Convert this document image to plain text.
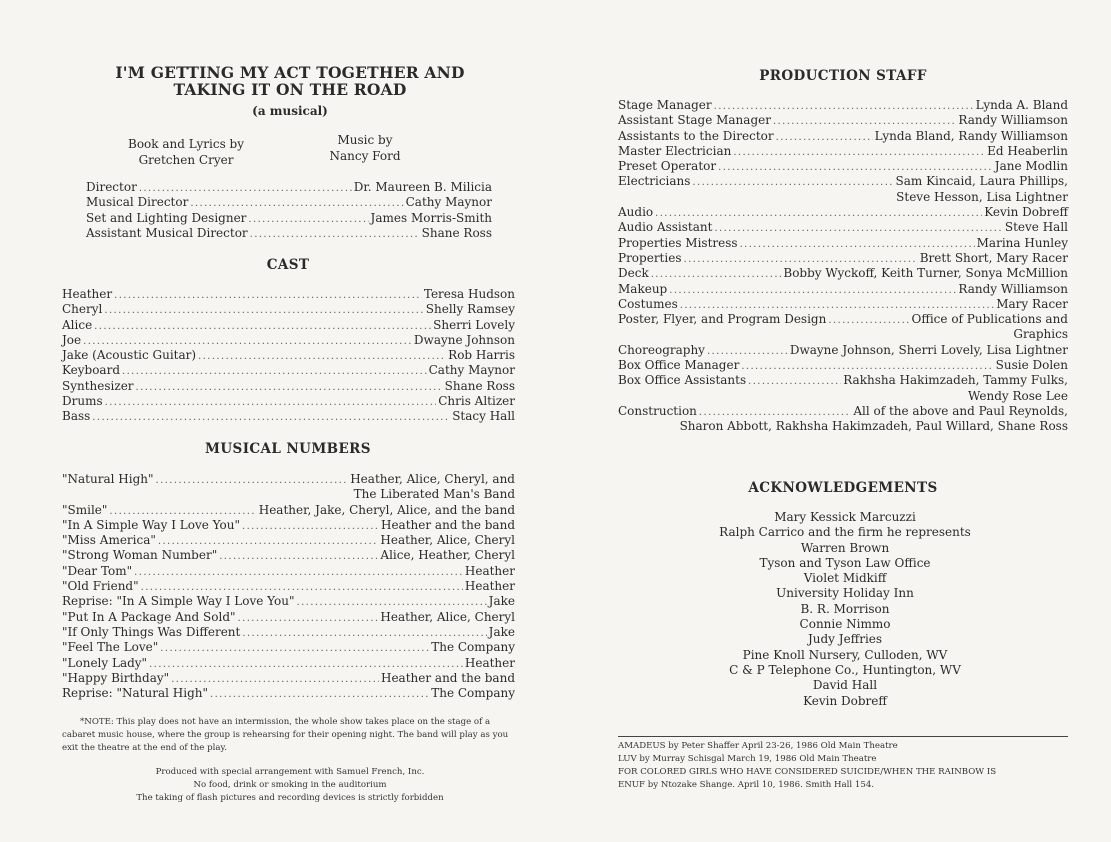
I'M GETTING MY ACT TOGETHER AND
TAKING IT ON THE ROAD
(a musical)
Book and Lyrics by
Gretchen Cryer
Music by
Nancy Ford
Director .....	Dr. Maureen B. Milicia
Musical Director .....	Cathy Maynor
Set and Lighting Designer .....	James Morris-Smith
Assistant Musical Director .....	Shane Ross
CAST
Heather .....	Teresa Hudson
Cheryl .....	Shelly Ramsey
Alice .....	Sherri Lovely
Joe .....	Dwayne Johnson
Jake (Acoustic Guitar) .....	Rob Harris
Keyboard .....	Cathy Maynor
Synthesizer .....	Shane Ross
Drums .....	Chris Altizer
Bass .....	Stacy Hall
MUSICAL NUMBERS
"Natural High" .....	Heather, Alice, Cheryl, and
The Liberated Man's Band
"Smile" .....	Heather, Jake, Cheryl, Alice, and the band
"In A Simple Way I Love You" .....	Heather and the band
"Miss America" .....	Heather, Alice, Cheryl
"Strong Woman Number" .....	Alice, Heather, Cheryl
"Dear Tom" .....	Heather
"Old Friend" .....	Heather
Reprise: "In A Simple Way I Love You" .....	Jake
"Put In A Package And Sold" .....	Heather, Alice, Cheryl
"If Only Things Was Different .....	Jake
"Feel The Love" .....	The Company
"Lonely Lady" .....	Heather
"Happy Birthday" .....	Heather and the band
Reprise: "Natural High" .....	The Company
*NOTE: This play does not have an intermission, the whole show takes place on the stage of a cabaret music house, where the group is rehearsing for their opening night. The band will play as you exit the theatre at the end of the play.
Produced with special arrangement with Samuel French, Inc.
No food, drink or smoking in the auditorium
The taking of flash pictures and recording devices is strictly forbidden
PRODUCTION STAFF
Stage Manager .....	Lynda A. Bland
Assistant Stage Manager .....	Randy Williamson
Assistants to the Director .....	Lynda Bland, Randy Williamson
Master Electrician .....	Ed Heaberlin
Preset Operator .....	Jane Modlin
Electricians .....	Sam Kincaid, Laura Phillips,
Steve Hesson, Lisa Lightner
Audio .....	Kevin Dobreff
Audio Assistant .....	Steve Hall
Properties Mistress .....	Marina Hunley
Properties .....	Brett Short, Mary Racer
Deck .....	Bobby Wyckoff, Keith Turner, Sonya McMillion
Makeup .....	Randy Williamson
Costumes .....	Mary Racer
Poster, Flyer, and Program Design .....	Office of Publications and
Graphics
Choreography .....	Dwayne Johnson, Sherri Lovely, Lisa Lightner
Box Office Manager .....	Susie Dolen
Box Office Assistants .....	Rakhsha Hakimzadeh, Tammy Fulks,
Wendy Rose Lee
Construction .....	All of the above and Paul Reynolds,
Sharon Abbott, Rakhsha Hakimzadeh, Paul Willard, Shane Ross
ACKNOWLEDGEMENTS
Mary Kessick Marcuzzi
Ralph Carrico and the firm he represents
Warren Brown
Tyson and Tyson Law Office
Violet Midkiff
University Holiday Inn
B. R. Morrison
Connie Nimmo
Judy Jeffries
Pine Knoll Nursery, Culloden, WV
C & P Telephone Co., Huntington, WV
David Hall
Kevin Dobreff
AMADEUS by Peter Shaffer April 23-26, 1986 Old Main Theatre
LUV by Murray Schisgal March 19, 1986 Old Main Theatre
FOR COLORED GIRLS WHO HAVE CONSIDERED SUICIDE/WHEN THE RAINBOW IS
ENUF by Ntozake Shange. April 10, 1986. Smith Hall 154.
